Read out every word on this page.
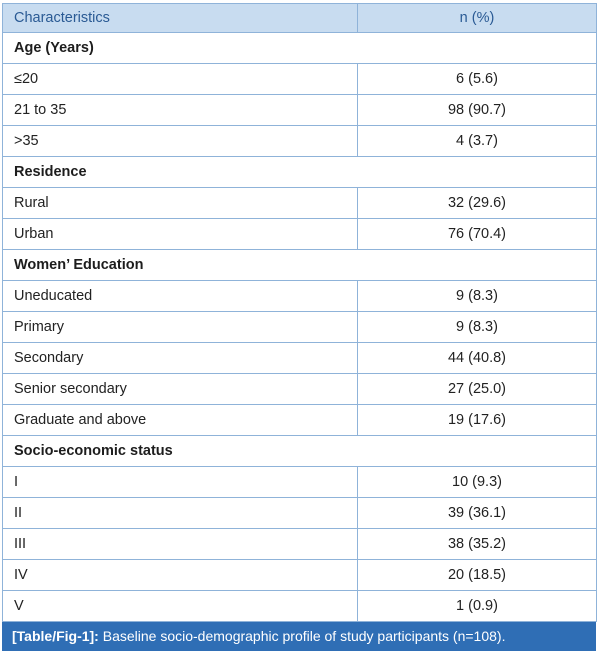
Characteristics	n (%)
Age (Years)	
≤20	6 (5.6)
21 to 35	98 (90.7)
>35	4 (3.7)
Residence	
Rural	32 (29.6)
Urban	76 (70.4)
Women’ Education	
Uneducated	9 (8.3)
Primary	9 (8.3)
Secondary	44 (40.8)
Senior secondary	27 (25.0)
Graduate and above	19 (17.6)
Socio-economic status	
I	10 (9.3)
II	39 (36.1)
III	38 (35.2)
IV	20 (18.5)
V	1 (0.9)
[Table/Fig-1]: Baseline socio-demographic profile of study participants (n=108).
